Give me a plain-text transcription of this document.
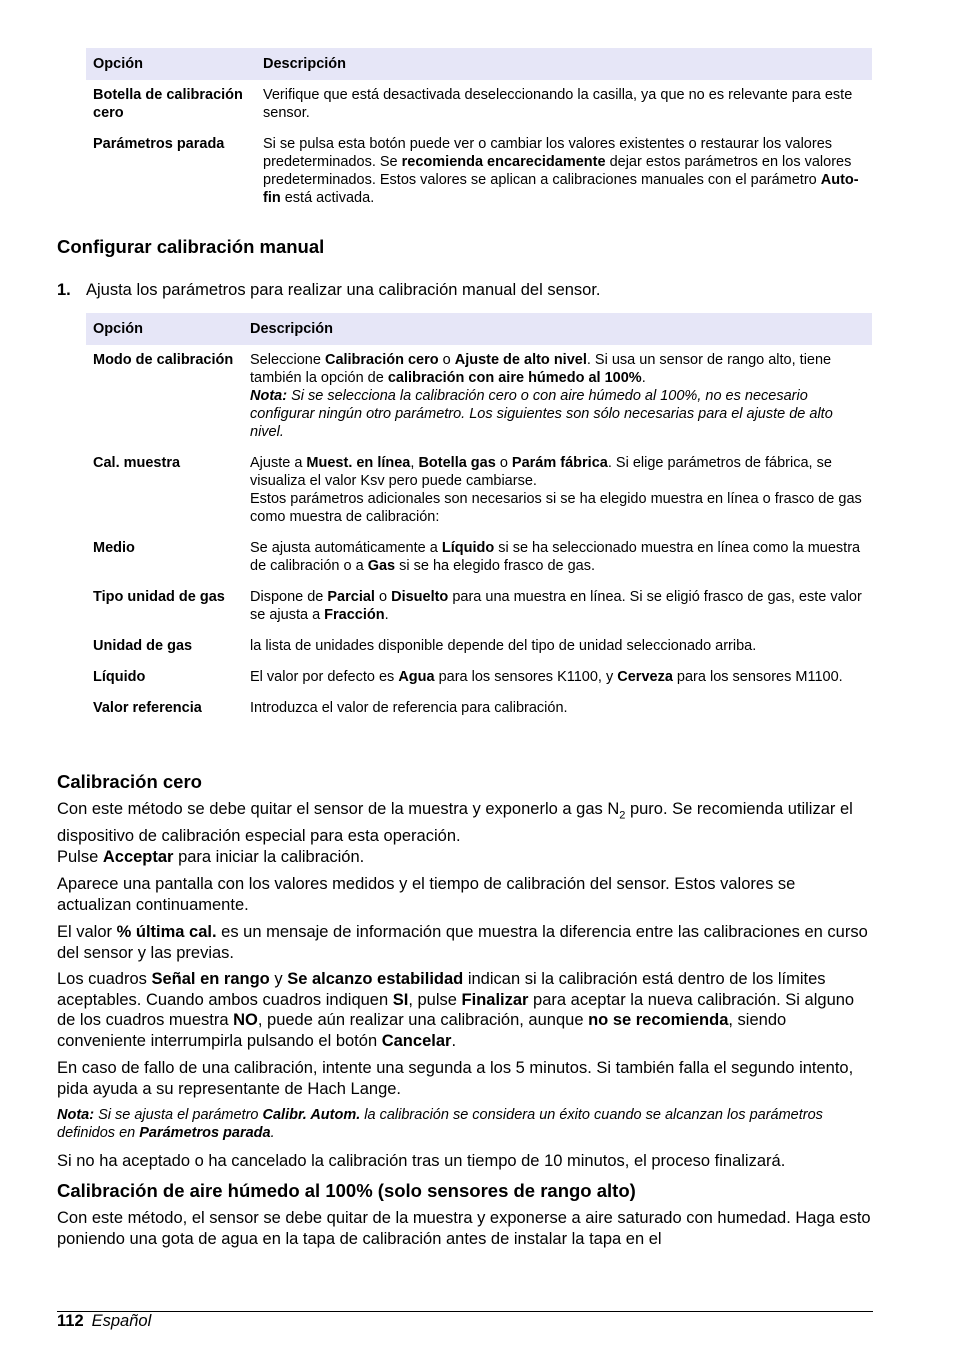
Opción	Descripción
Botella de calibración cero	Verifique que está desactivada deseleccionando la casilla, ya que no es relevante para este sensor.
Parámetros parada	Si se pulsa esta botón puede ver o cambiar los valores existentes o restaurar los valores predeterminados. Se recomienda encarecidamente dejar estos parámetros en los valores predeterminados. Estos valores se aplican a calibraciones manuales con el parámetro Auto-fin está activada.
Configurar calibración manual
1. Ajusta los parámetros para realizar una calibración manual del sensor.
Opción	Descripción
Modo de calibración	Seleccione Calibración cero o Ajuste de alto nivel. Si usa un sensor de rango alto, tiene también la opción de calibración con aire húmedo al 100%.
Nota: Si se selecciona la calibración cero o con aire húmedo al 100%, no es necesario configurar ningún otro parámetro. Los siguientes son sólo necesarias para el ajuste de alto nivel.
Cal. muestra	Ajuste a Muest. en línea, Botella gas o Parám fábrica. Si elige parámetros de fábrica, se visualiza el valor Ksv pero puede cambiarse.
Estos parámetros adicionales son necesarios si se ha elegido muestra en línea o frasco de gas como muestra de calibración:
Medio	Se ajusta automáticamente a Líquido si se ha seleccionado muestra en línea como la muestra de calibración o a Gas si se ha elegido frasco de gas.
Tipo unidad de gas	Dispone de Parcial o Disuelto para una muestra en línea. Si se eligió frasco de gas, este valor se ajusta a Fracción.
Unidad de gas	la lista de unidades disponible depende del tipo de unidad seleccionado arriba.
Líquido	El valor por defecto es Agua para los sensores K1100, y Cerveza para los sensores M1100.
Valor referencia	Introduzca el valor de referencia para calibración.
Calibración cero
Con este método se debe quitar el sensor de la muestra y exponerlo a gas $N_2$ puro. Se recomienda utilizar el dispositivo de calibración especial para esta operación.
Pulse Acceptar para iniciar la calibración.
Aparece una pantalla con los valores medidos y el tiempo de calibración del sensor. Estos valores se actualizan continuamente.
El valor % última cal. es un mensaje de información que muestra la diferencia entre las calibraciones en curso del sensor y las previas.
Los cuadros Señal en rango y Se alcanzo estabilidad indican si la calibración está dentro de los límites aceptables. Cuando ambos cuadros indiquen SI, pulse Finalizar para aceptar la nueva calibración. Si alguno de los cuadros muestra NO, puede aún realizar una calibración, aunque no se recomienda, siendo conveniente interrumpirla pulsando el botón Cancelar.
En caso de fallo de una calibración, intente una segunda a los 5 minutos. Si también falla el segundo intento, pida ayuda a su representante de Hach Lange.
Nota: Si se ajusta el parámetro Calibr. Autom. la calibración se considera un éxito cuando se alcanzan los parámetros definidos en Parámetros parada.
Si no ha aceptado o ha cancelado la calibración tras un tiempo de 10 minutos, el proceso finalizará.
Calibración de aire húmedo al 100% (solo sensores de rango alto)
Con este método, el sensor se debe quitar de la muestra y exponerse a aire saturado con humedad. Haga esto poniendo una gota de agua en la tapa de calibración antes de instalar la tapa en el
112 Español
